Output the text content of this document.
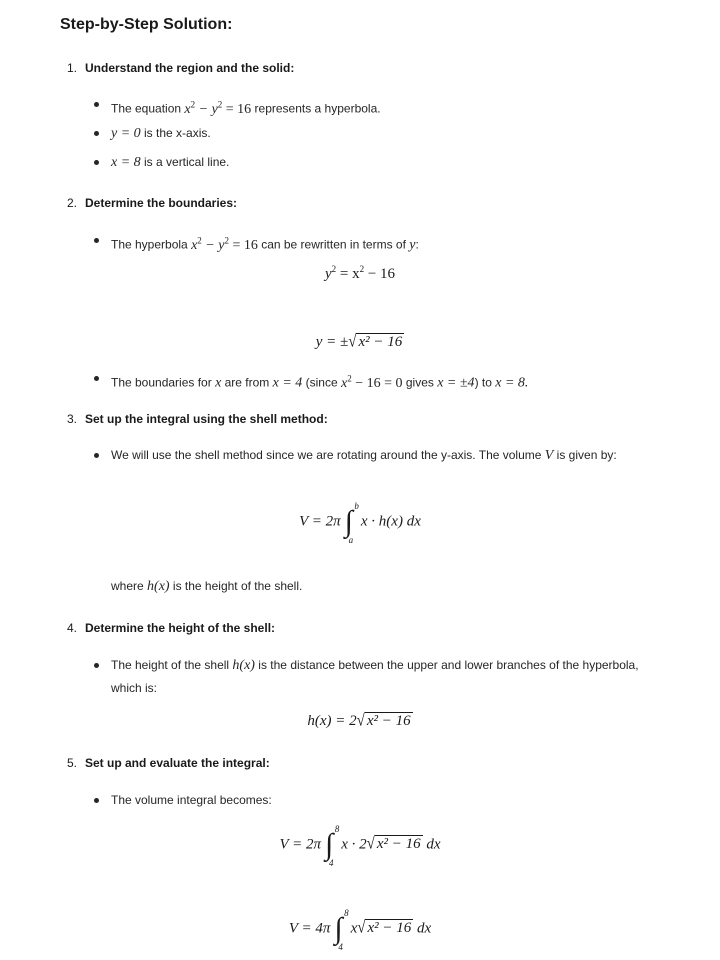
Step-by-Step Solution:
1. Understand the region and the solid:
The equation $x^2 - y^2 = 16$ represents a hyperbola.
y = 0 is the x-axis.
x = 8 is a vertical line.
2. Determine the boundaries:
The hyperbola $x^2 - y^2 = 16$ can be rewritten in terms of y:
$y^2 = x^2 - 16$
y = ±√ x² − 16
The boundaries for x are from x = 4 (since $x^2 - 16 = 0$ gives x = ±4) to x = 8.
3. Set up the integral using the shell method:
We will use the shell method since we are rotating around the y-axis. The volume V is given by:
V = 2π ∫ b
a
x · h(x) dx
where h(x) is the height of the shell.
4. Determine the height of the shell:
The height of the shell h(x) is the distance between the upper and lower branches of the hyperbola, which is:
h(x) = 2√ x² − 16
5. Set up and evaluate the integral:
The volume integral becomes:
V = 2π ∫ 8
4
x · 2√ x² − 16 dx
V = 4π ∫ 8
4
x√ x² − 16 dx
